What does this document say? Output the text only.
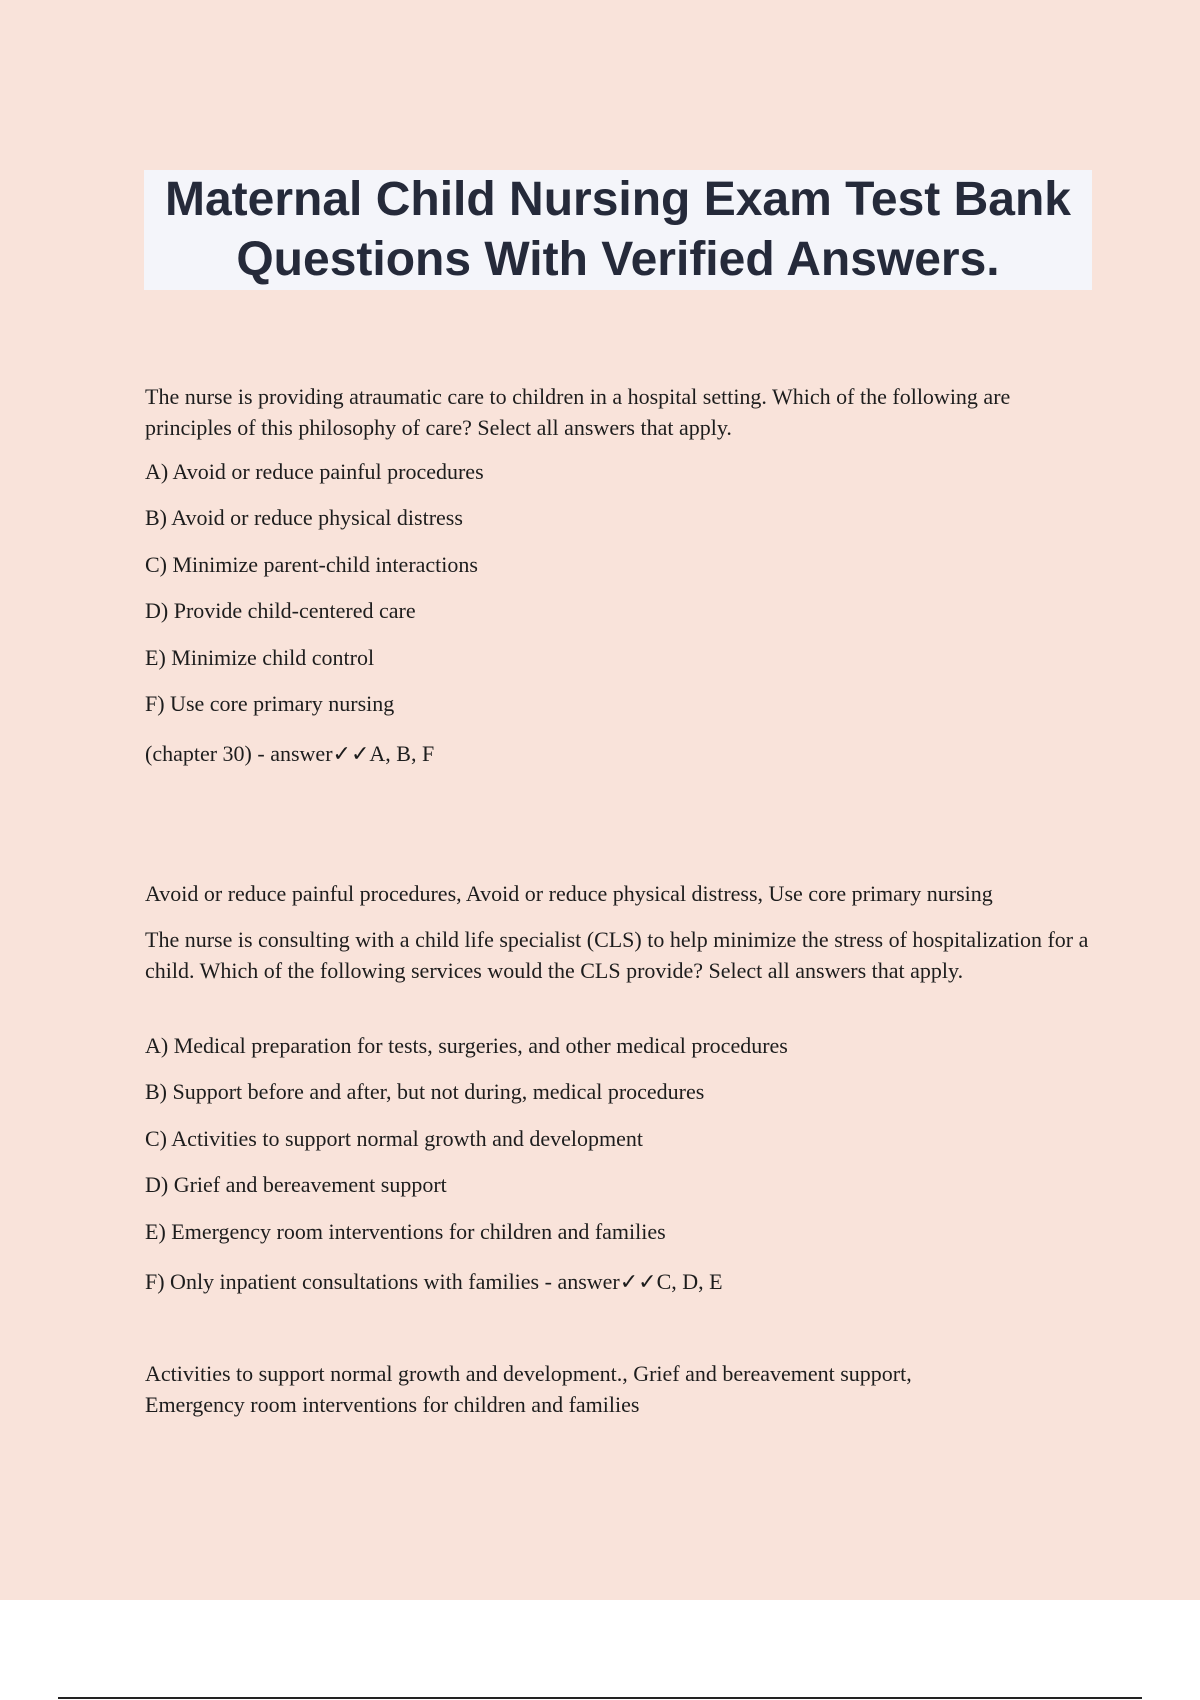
Maternal Child Nursing Exam Test Bank
Questions With Verified Answers.

The nurse is providing atraumatic care to children in a hospital setting. Which of the following are principles of this philosophy of care? Select all answers that apply.

A) Avoid or reduce painful procedures

B) Avoid or reduce physical distress

C) Minimize parent-child interactions

D) Provide child-centered care

E) Minimize child control

F) Use core primary nursing

(chapter 30) - answer✓✓A, B, F

Avoid or reduce painful procedures, Avoid or reduce physical distress, Use core primary nursing

The nurse is consulting with a child life specialist (CLS) to help minimize the stress of hospitalization for a child. Which of the following services would the CLS provide? Select all answers that apply.

A) Medical preparation for tests, surgeries, and other medical procedures

B) Support before and after, but not during, medical procedures

C) Activities to support normal growth and development

D) Grief and bereavement support

E) Emergency room interventions for children and families

F) Only inpatient consultations with families - answer✓✓C, D, E

Activities to support normal growth and development., Grief and bereavement support, Emergency room interventions for children and families
